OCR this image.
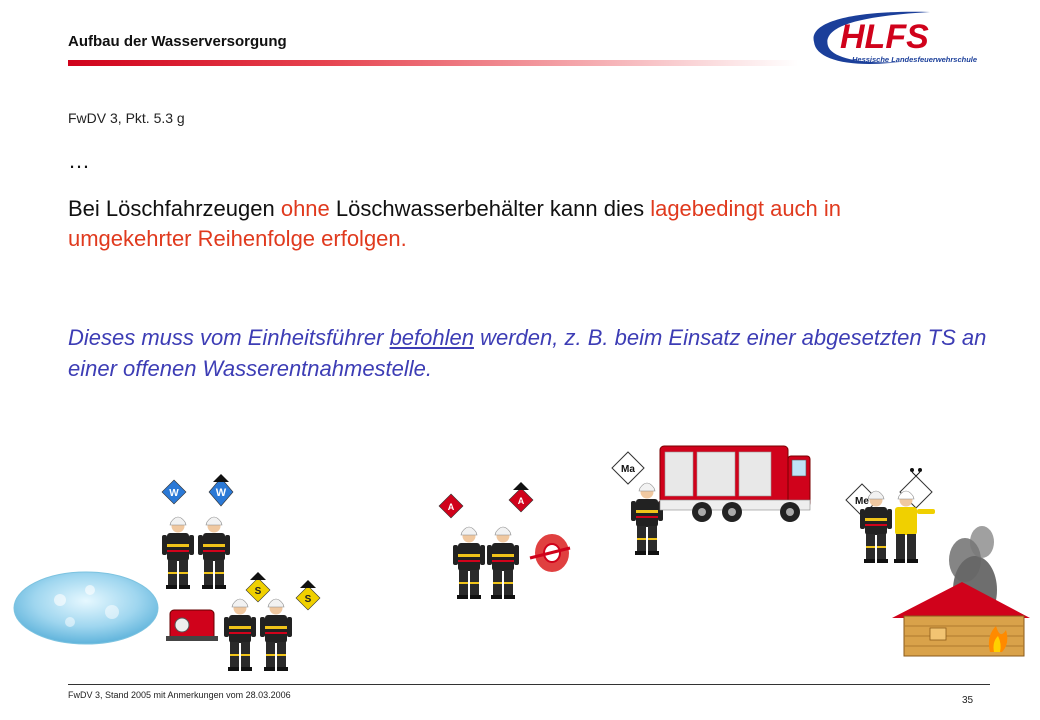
Aufbau der Wasserversorgung	HLFS
Hessische Landesfeuerwehrschule
FwDV 3, Pkt. 5.3 g
…
Bei Löschfahrzeugen ohne Löschwasserbehälter kann dies lagebedingt auch in umgekehrter Reihenfolge erfolgen.
Dieses muss vom Einheitsführer befohlen werden, z. B. beim Einsatz einer abgesetzten TS an einer offenen Wasserentnahmestelle.
W	W
S
S
A
A
Ma
Me
FwDV 3, Stand 2005 mit Anmerkungen vom 28.03.2006	35
